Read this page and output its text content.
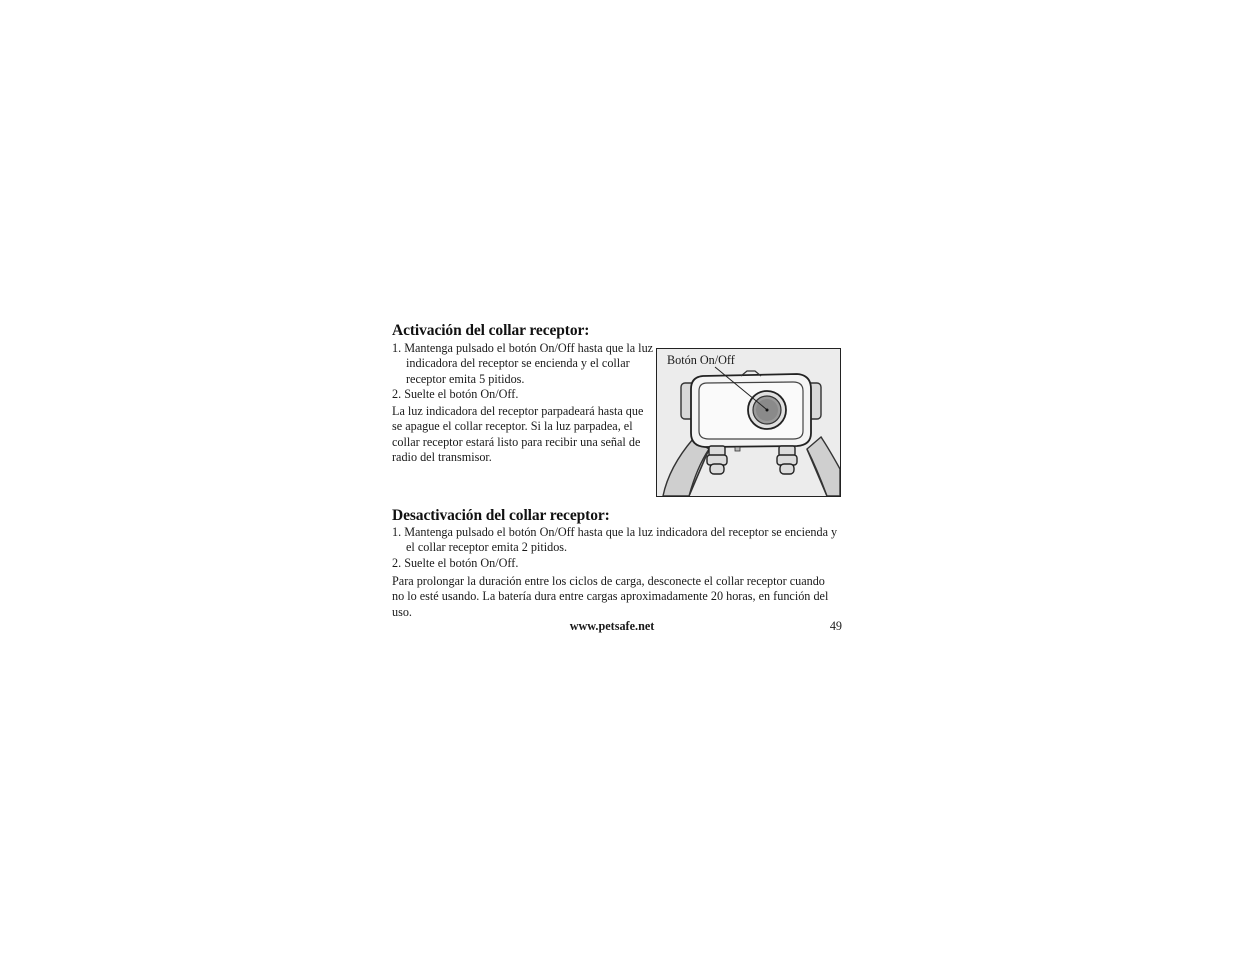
Activación del collar receptor:
1. Mantenga pulsado el botón On/Off hasta que la luz indicadora del receptor se encienda y el collar receptor emita 5 pitidos.
2. Suelte el botón On/Off.

La luz indicadora del receptor parpadeará hasta que se apague el collar receptor. Si la luz parpadea, el collar receptor estará listo para recibir una señal de radio del transmisor.

Botón On/Off
Desactivación del collar receptor:
1. Mantenga pulsado el botón On/Off hasta que la luz indicadora del receptor se encienda y el collar receptor emita 2 pitidos.
2. Suelte el botón On/Off.

Para prolongar la duración entre los ciclos de carga, desconecte el collar receptor cuando no lo esté usando. La batería dura entre cargas aproximadamente 20 horas, en función del uso.

www.petsafe.net	49
